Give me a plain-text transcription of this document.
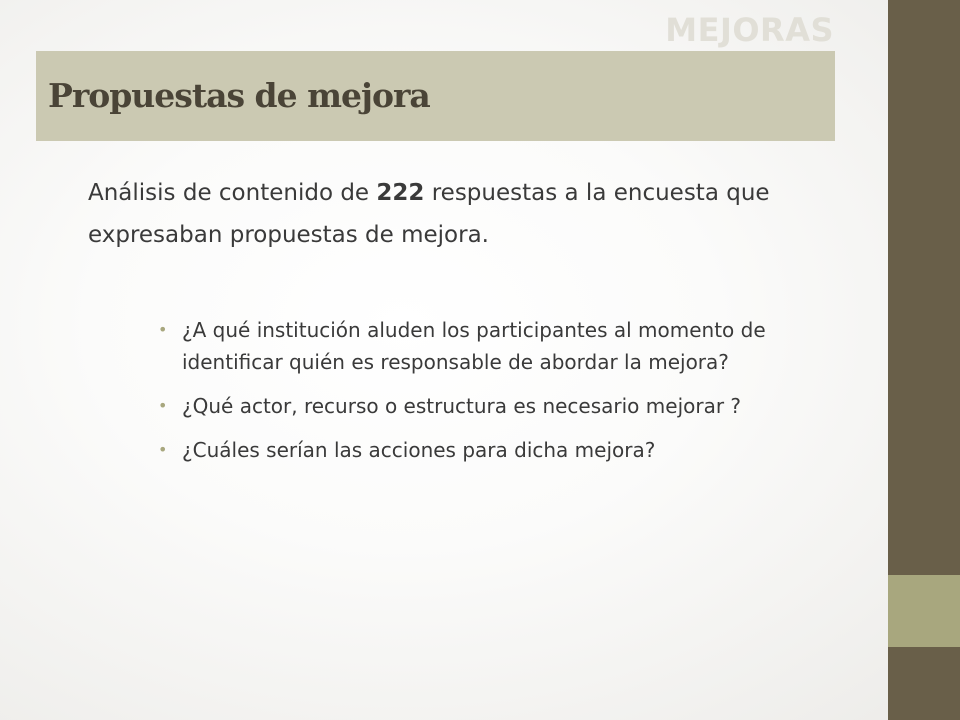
MEJORAS
Propuestas de mejora
Análisis de contenido de 222 respuestas a la encuesta que expresaban propuestas de mejora.
• ¿A qué institución aluden los participantes al momento de identificar quién es responsable de abordar la mejora?
• ¿Qué actor, recurso o estructura es necesario mejorar ?
• ¿Cuáles serían las acciones para dicha mejora?
